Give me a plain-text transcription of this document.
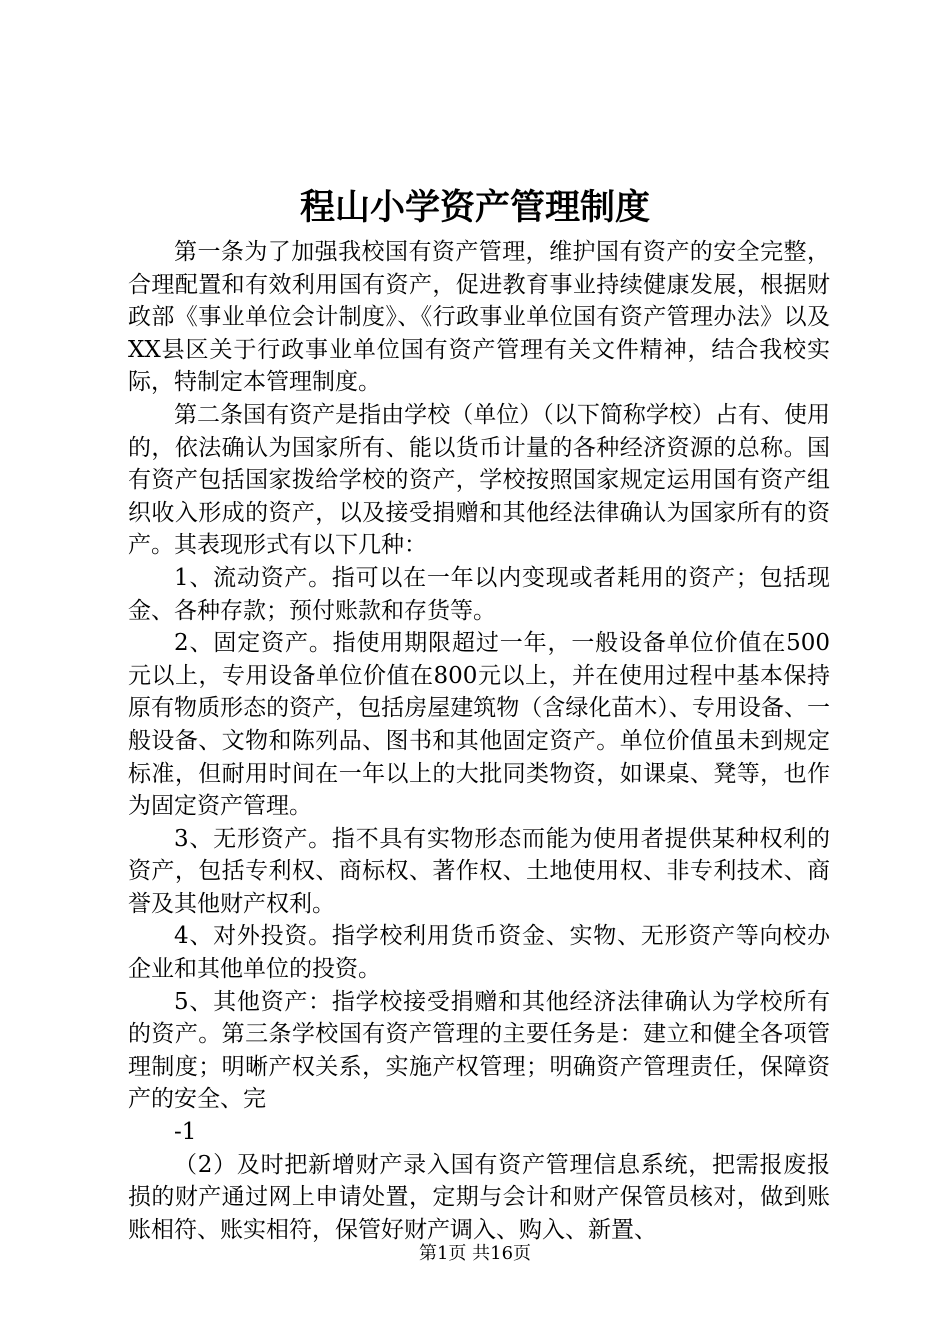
程山小学资产管理制度

第一条为了加强我校国有资产管理，维护国有资产的安全完整，合理配置和有效利用国有资产，促进教育事业持续健康发展，根据财政部《事业单位会计制度》、《行政事业单位国有资产管理办法》以及XX县区关于行政事业单位国有资产管理有关文件精神，结合我校实际，特制定本管理制度。

第二条国有资产是指由学校（单位）（以下简称学校）占有、使用的，依法确认为国家所有、能以货币计量的各种经济资源的总称。国有资产包括国家拨给学校的资产，学校按照国家规定运用国有资产组织收入形成的资产，以及接受捐赠和其他经法律确认为国家所有的资产。其表现形式有以下几种：

1、流动资产。指可以在一年以内变现或者耗用的资产；包括现金、各种存款；预付账款和存货等。

2、固定资产。指使用期限超过一年，一般设备单位价值在500元以上，专用设备单位价值在800元以上，并在使用过程中基本保持原有物质形态的资产，包括房屋建筑物（含绿化苗木）、专用设备、一般设备、文物和陈列品、图书和其他固定资产。单位价值虽未到规定标准，但耐用时间在一年以上的大批同类物资，如课桌、凳等，也作为固定资产管理。

3、无形资产。指不具有实物形态而能为使用者提供某种权利的资产，包括专利权、商标权、著作权、土地使用权、非专利技术、商誉及其他财产权利。

4、对外投资。指学校利用货币资金、实物、无形资产等向校办企业和其他单位的投资。

5、其他资产：指学校接受捐赠和其他经济法律确认为学校所有的资产。第三条学校国有资产管理的主要任务是：建立和健全各项管理制度；明晰产权关系，实施产权管理；明确资产管理责任，保障资产的安全、完

-1

（2）及时把新增财产录入国有资产管理信息系统，把需报废报损的财产通过网上申请处置，定期与会计和财产保管员核对，做到账账相符、账实相符，保管好财产调入、购入、新置、

第1页 共16页
